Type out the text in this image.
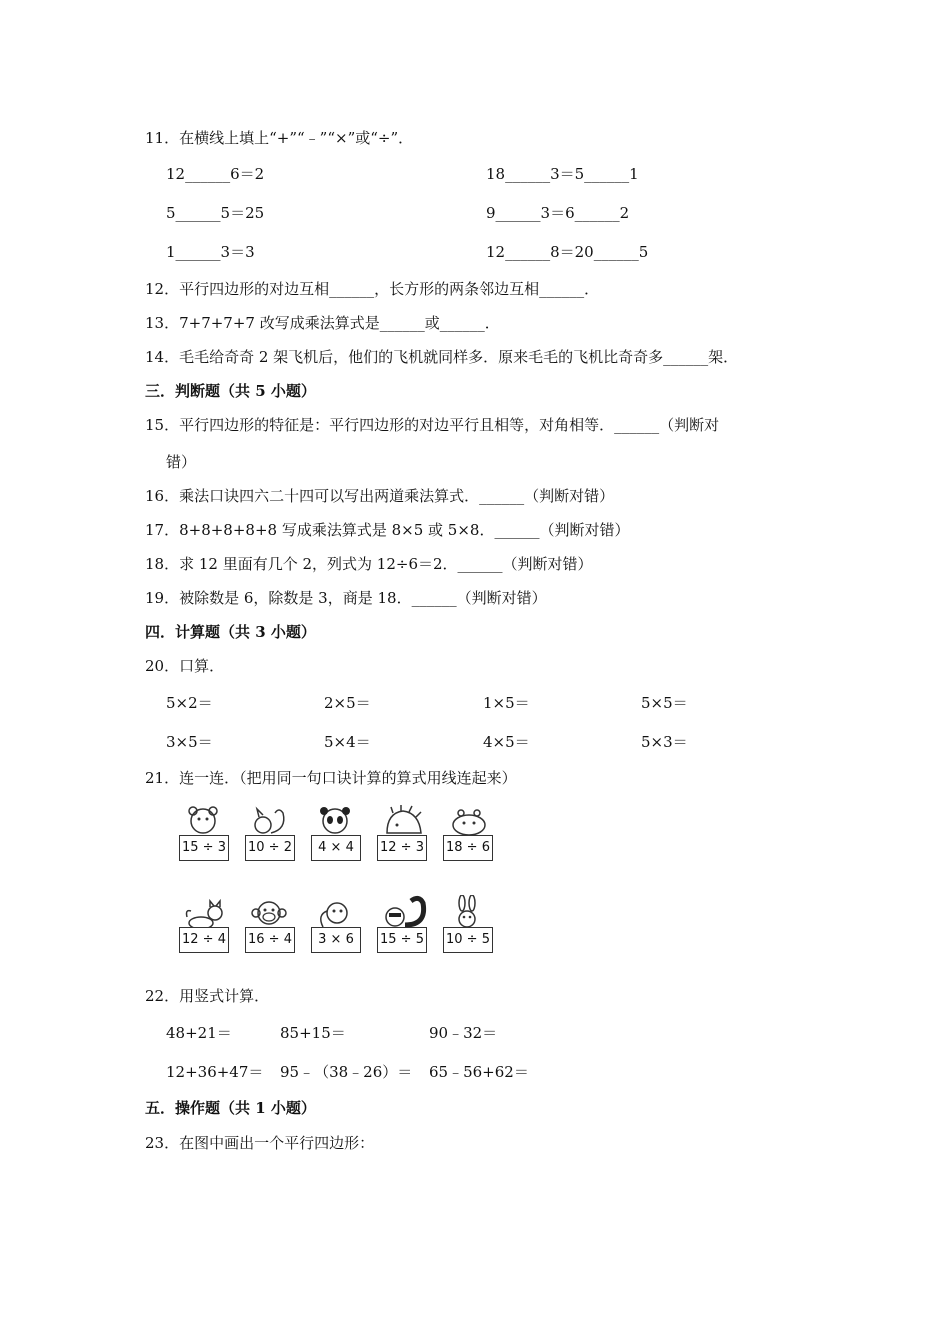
11．在横线上填上“+”“﹣”“×”或“÷”．
12______6＝2	18______3＝5______1
5______5＝25	9______3＝6______2
1______3＝3	12______8＝20______5
12．平行四边形的对边互相______，长方形的两条邻边互相______．
13．7+7+7+7 改写成乘法算式是______或______．
14．毛毛给奇奇 2 架飞机后，他们的飞机就同样多．原来毛毛的飞机比奇奇多______架．
三．判断题（共 5 小题）
15．平行四边形的特征是：平行四边形的对边平行且相等，对角相等．______（判断对
错）
16．乘法口诀四六二十四可以写出两道乘法算式．______（判断对错）
17．8+8+8+8+8 写成乘法算式是 8×5 或 5×8．______（判断对错）
18．求 12 里面有几个 2，列式为 12÷6＝2．______（判断对错）
19．被除数是 6，除数是 3，商是 18．______（判断对错）
四．计算题（共 3 小题）
20．口算．
5×2＝	2×5＝	1×5＝	5×5＝
3×5＝	5×4＝	4×5＝	5×3＝
21．连一连．（把用同一句口诀计算的算式用线连起来）
15 ÷ 3 10 ÷ 2	4 × 4	12 ÷ 3 18 ÷ 6
12 ÷ 4 16 ÷ 4	3 × 6	15 ÷ 5 10 ÷ 5
22．用竖式计算．
48+21＝	85+15＝	90﹣32＝
12+36+47＝ 95﹣（38﹣26）＝ 65﹣56+62＝
五．操作题（共 1 小题）
23．在图中画出一个平行四边形：
